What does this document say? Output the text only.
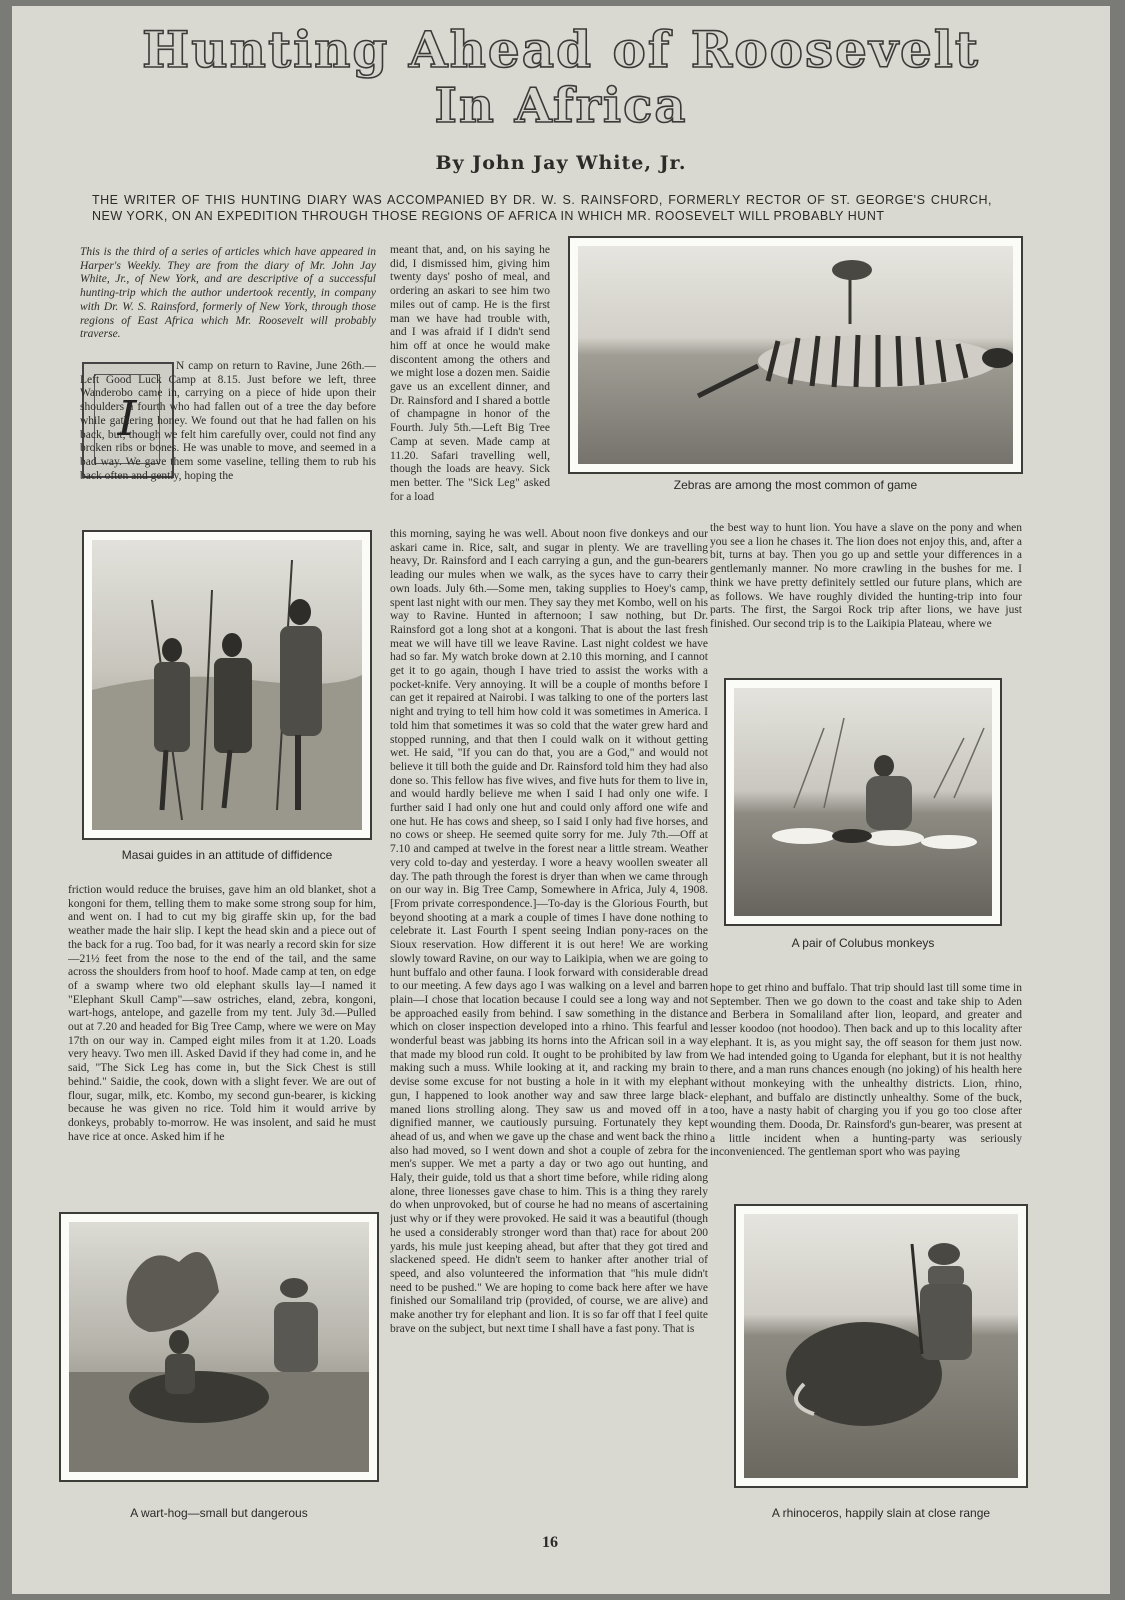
Hunting Ahead of Roosevelt
In Africa
By John Jay White, Jr.
THE WRITER OF THIS HUNTING DIARY WAS ACCOMPANIED BY DR. W. S. RAINSFORD, FORMERLY RECTOR OF ST. GEORGE'S CHURCH, NEW YORK, ON AN EXPEDITION THROUGH THOSE REGIONS OF AFRICA IN WHICH MR. ROOSEVELT WILL PROBABLY HUNT
This is the third of a series of articles which have appeared in Harper's Weekly. They are from the diary of Mr. John Jay White, Jr., of New York, and are descriptive of a successful hunting-trip which the author undertook recently, in company with Dr. W. S. Rainsford, formerly of New York, through those regions of East Africa which Mr. Roosevelt will probably traverse.
I
N camp on return to Ravine, June 26th.—Left Good Luck Camp at 8.15. Just before we left, three Wanderobo came in, carrying on a piece of hide upon their shoulders a fourth who had fallen out of a tree the day before while gathering honey. We found out that he had fallen on his back, but, though we felt him carefully over, could not find any broken ribs or bones. He was unable to move, and seemed in a bad way. We gave them some vaseline, telling them to rub his back often and gently, hoping the
Masai guides in an attitude of diffidence
friction would reduce the bruises, gave him an old blanket, shot a kongoni for them, telling them to make some strong soup for him, and went on. I had to cut my big giraffe skin up, for the bad weather made the hair slip. I kept the head skin and a piece out of the back for a rug. Too bad, for it was nearly a record skin for size—21½ feet from the nose to the end of the tail, and the same across the shoulders from hoof to hoof. Made camp at ten, on edge of a swamp where two old elephant skulls lay—I named it "Elephant Skull Camp"—saw ostriches, eland, zebra, kongoni, wart-hogs, antelope, and gazelle from my tent. July 3d.—Pulled out at 7.20 and headed for Big Tree Camp, where we were on May 17th on our way in. Camped eight miles from it at 1.20. Loads very heavy. Two men ill. Asked David if they had come in, and he said, "The Sick Leg has come in, but the Sick Chest is still behind." Saidie, the cook, down with a slight fever. We are out of flour, sugar, milk, etc. Kombo, my second gun-bearer, is kicking because he was given no rice. Told him it would arrive by donkeys, probably to-morrow. He was insolent, and said he must have rice at once. Asked him if he
A wart-hog—small but dangerous
meant that, and, on his saying he did, I dismissed him, giving him twenty days' posho of meal, and ordering an askari to see him two miles out of camp. He is the first man we have had trouble with, and I was afraid if I didn't send him off at once he would make discontent among the others and we might lose a dozen men. Saidie gave us an excellent dinner, and Dr. Rainsford and I shared a bottle of champagne in honor of the Fourth. July 5th.—Left Big Tree Camp at seven. Made camp at 11.20. Safari travelling well, though the loads are heavy. Sick men better. The "Sick Leg" asked for a load
this morning, saying he was well. About noon five donkeys and our askari came in. Rice, salt, and sugar in plenty. We are travelling heavy, Dr. Rainsford and I each carrying a gun, and the gun-bearers leading our mules when we walk, as the syces have to carry their own loads. July 6th.—Some men, taking supplies to Hoey's camp, spent last night with our men. They say they met Kombo, well on his way to Ravine. Hunted in afternoon; I saw nothing, but Dr. Rainsford got a long shot at a kongoni. That is about the last fresh meat we will have till we leave Ravine. Last night coldest we have had so far. My watch broke down at 2.10 this morning, and I cannot get it to go again, though I have tried to assist the works with a pocket-knife. Very annoying. It will be a couple of months before I can get it repaired at Nairobi. I was talking to one of the porters last night and trying to tell him how cold it was sometimes in America. I told him that sometimes it was so cold that the water grew hard and stopped running, and that then I could walk on it without getting wet. He said, "If you can do that, you are a God," and would not believe it till both the guide and Dr. Rainsford told him they had also done so. This fellow has five wives, and five huts for them to live in, and would hardly believe me when I said I had only one wife. I further said I had only one hut and could only afford one wife and one hut. He has cows and sheep, so I said I only had five horses, and no cows or sheep. He seemed quite sorry for me. July 7th.—Off at 7.10 and camped at twelve in the forest near a little stream. Weather very cold to-day and yesterday. I wore a heavy woollen sweater all day. The path through the forest is dryer than when we came through on our way in. Big Tree Camp, Somewhere in Africa, July 4, 1908. [From private correspondence.]—To-day is the Glorious Fourth, but beyond shooting at a mark a couple of times I have done nothing to celebrate it. Last Fourth I spent seeing Indian pony-races on the Sioux reservation. How different it is out here! We are working slowly toward Ravine, on our way to Laikipia, when we are going to hunt buffalo and other fauna. I look forward with considerable dread to our meeting. A few days ago I was walking on a level and barren plain—I chose that location because I could see a long way and not be approached easily from behind. I saw something in the distance which on closer inspection developed into a rhino. This fearful and wonderful beast was jabbing its horns into the African soil in a way that made my blood run cold. It ought to be prohibited by law from making such a muss. While looking at it, and racking my brain to devise some excuse for not busting a hole in it with my elephant gun, I happened to look another way and saw three large black-maned lions strolling along. They saw us and moved off in a dignified manner, we cautiously pursuing. Fortunately they kept ahead of us, and when we gave up the chase and went back the rhino also had moved, so I went down and shot a couple of zebra for the men's supper. We met a party a day or two ago out hunting, and Haly, their guide, told us that a short time before, while riding along alone, three lionesses gave chase to him. This is a thing they rarely do when unprovoked, but of course he had no means of ascertaining just why or if they were provoked. He said it was a beautiful (though he used a considerably stronger word than that) race for about 200 yards, his mule just keeping ahead, but after that they got tired and slackened speed. He didn't seem to hanker after another trial of speed, and also volunteered the information that "his mule didn't need to be pushed." We are hoping to come back here after we have finished our Somaliland trip (provided, of course, we are alive) and make another try for elephant and lion. It is so far off that I feel quite brave on the subject, but next time I shall have a fast pony. That is
Zebras are among the most common of game
the best way to hunt lion. You have a slave on the pony and when you see a lion he chases it. The lion does not enjoy this, and, after a bit, turns at bay. Then you go up and settle your differences in a gentlemanly manner. No more crawling in the bushes for me. I think we have pretty definitely settled our future plans, which are as follows. We have roughly divided the hunting-trip into four parts. The first, the Sargoi Rock trip after lions, we have just finished. Our second trip is to the Laikipia Plateau, where we
A pair of Colubus monkeys
hope to get rhino and buffalo. That trip should last till some time in September. Then we go down to the coast and take ship to Aden and Berbera in Somaliland after lion, leopard, and greater and lesser koodoo (not hoodoo). Then back and up to this locality after elephant. It is, as you might say, the off season for them just now. We had intended going to Uganda for elephant, but it is not healthy there, and a man runs chances enough (no joking) of his health here without monkeying with the unhealthy districts. Lion, rhino, elephant, and buffalo are distinctly unhealthy. Some of the buck, too, have a nasty habit of charging you if you go too close after wounding them. Dooda, Dr. Rainsford's gun-bearer, was present at a little incident when a hunting-party was seriously inconvenienced. The gentleman sport who was paying
A rhinoceros, happily slain at close range
16
